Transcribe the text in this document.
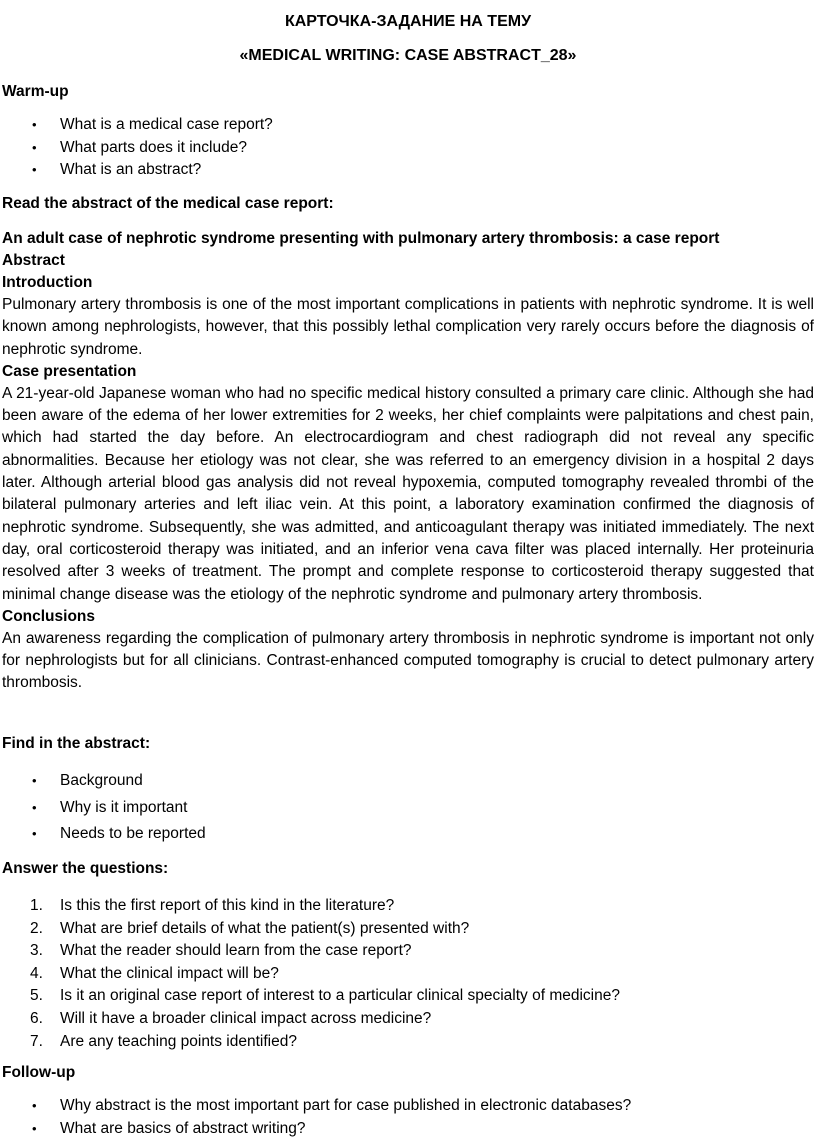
КАРТОЧКА-ЗАДАНИЕ НА ТЕМУ

«MEDICAL WRITING: CASE ABSTRACT_28»

Warm-up

• What is a medical case report?
• What parts does it include?
• What is an abstract?

Read the abstract of the medical case report:

An adult case of nephrotic syndrome presenting with pulmonary artery thrombosis: a case report

Abstract

Introduction

Pulmonary artery thrombosis is one of the most important complications in patients with nephrotic syndrome. It is well known among nephrologists, however, that this possibly lethal complication very rarely occurs before the diagnosis of nephrotic syndrome.

Case presentation

A 21-year-old Japanese woman who had no specific medical history consulted a primary care clinic. Although she had been aware of the edema of her lower extremities for 2 weeks, her chief complaints were palpitations and chest pain, which had started the day before. An electrocardiogram and chest radiograph did not reveal any specific abnormalities. Because her etiology was not clear, she was referred to an emergency division in a hospital 2 days later. Although arterial blood gas analysis did not reveal hypoxemia, computed tomography revealed thrombi of the bilateral pulmonary arteries and left iliac vein. At this point, a laboratory examination confirmed the diagnosis of nephrotic syndrome. Subsequently, she was admitted, and anticoagulant therapy was initiated immediately. The next day, oral corticosteroid therapy was initiated, and an inferior vena cava filter was placed internally. Her proteinuria resolved after 3 weeks of treatment. The prompt and complete response to corticosteroid therapy suggested that minimal change disease was the etiology of the nephrotic syndrome and pulmonary artery thrombosis.

Conclusions

An awareness regarding the complication of pulmonary artery thrombosis in nephrotic syndrome is important not only for nephrologists but for all clinicians. Contrast-enhanced computed tomography is crucial to detect pulmonary artery thrombosis.

Find in the abstract:

• Background
• Why is it important
• Needs to be reported

Answer the questions:

1. Is this the first report of this kind in the literature?
2. What are brief details of what the patient(s) presented with?
3. What the reader should learn from the case report?
4. What the clinical impact will be?
5. Is it an original case report of interest to a particular clinical specialty of medicine?
6. Will it have a broader clinical impact across medicine?
7. Are any teaching points identified?

Follow-up

• Why abstract is the most important part for case published in electronic databases?
• What are basics of abstract writing?
